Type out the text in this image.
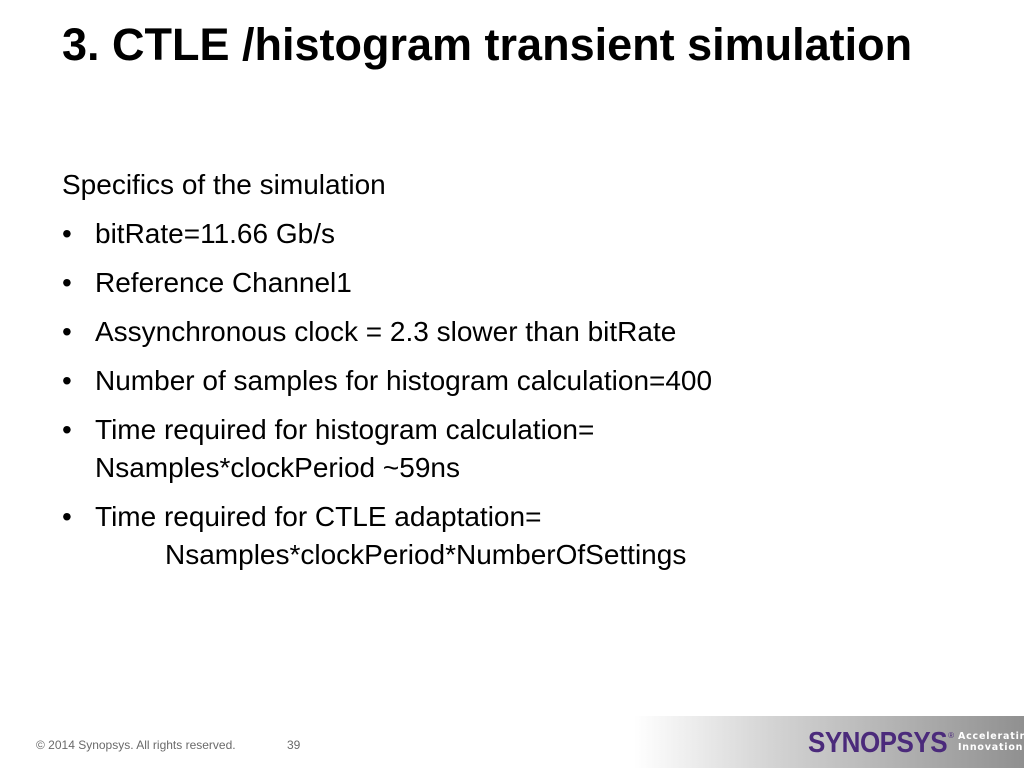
3. CTLE /histogram transient simulation

Specifics of the simulation

• bitRate=11.66 Gb/s
• Reference Channel1
• Assynchronous clock = 2.3 slower than bitRate
• Number of samples for histogram calculation=400
• Time required for histogram calculation=
Nsamples*clockPeriod ~59ns
• Time required for CTLE adaptation=
Nsamples*clockPeriod*NumberOfSettings
© 2014 Synopsys. All rights reserved.	39	SYNOPSYS ® Accelerating
Innovation
